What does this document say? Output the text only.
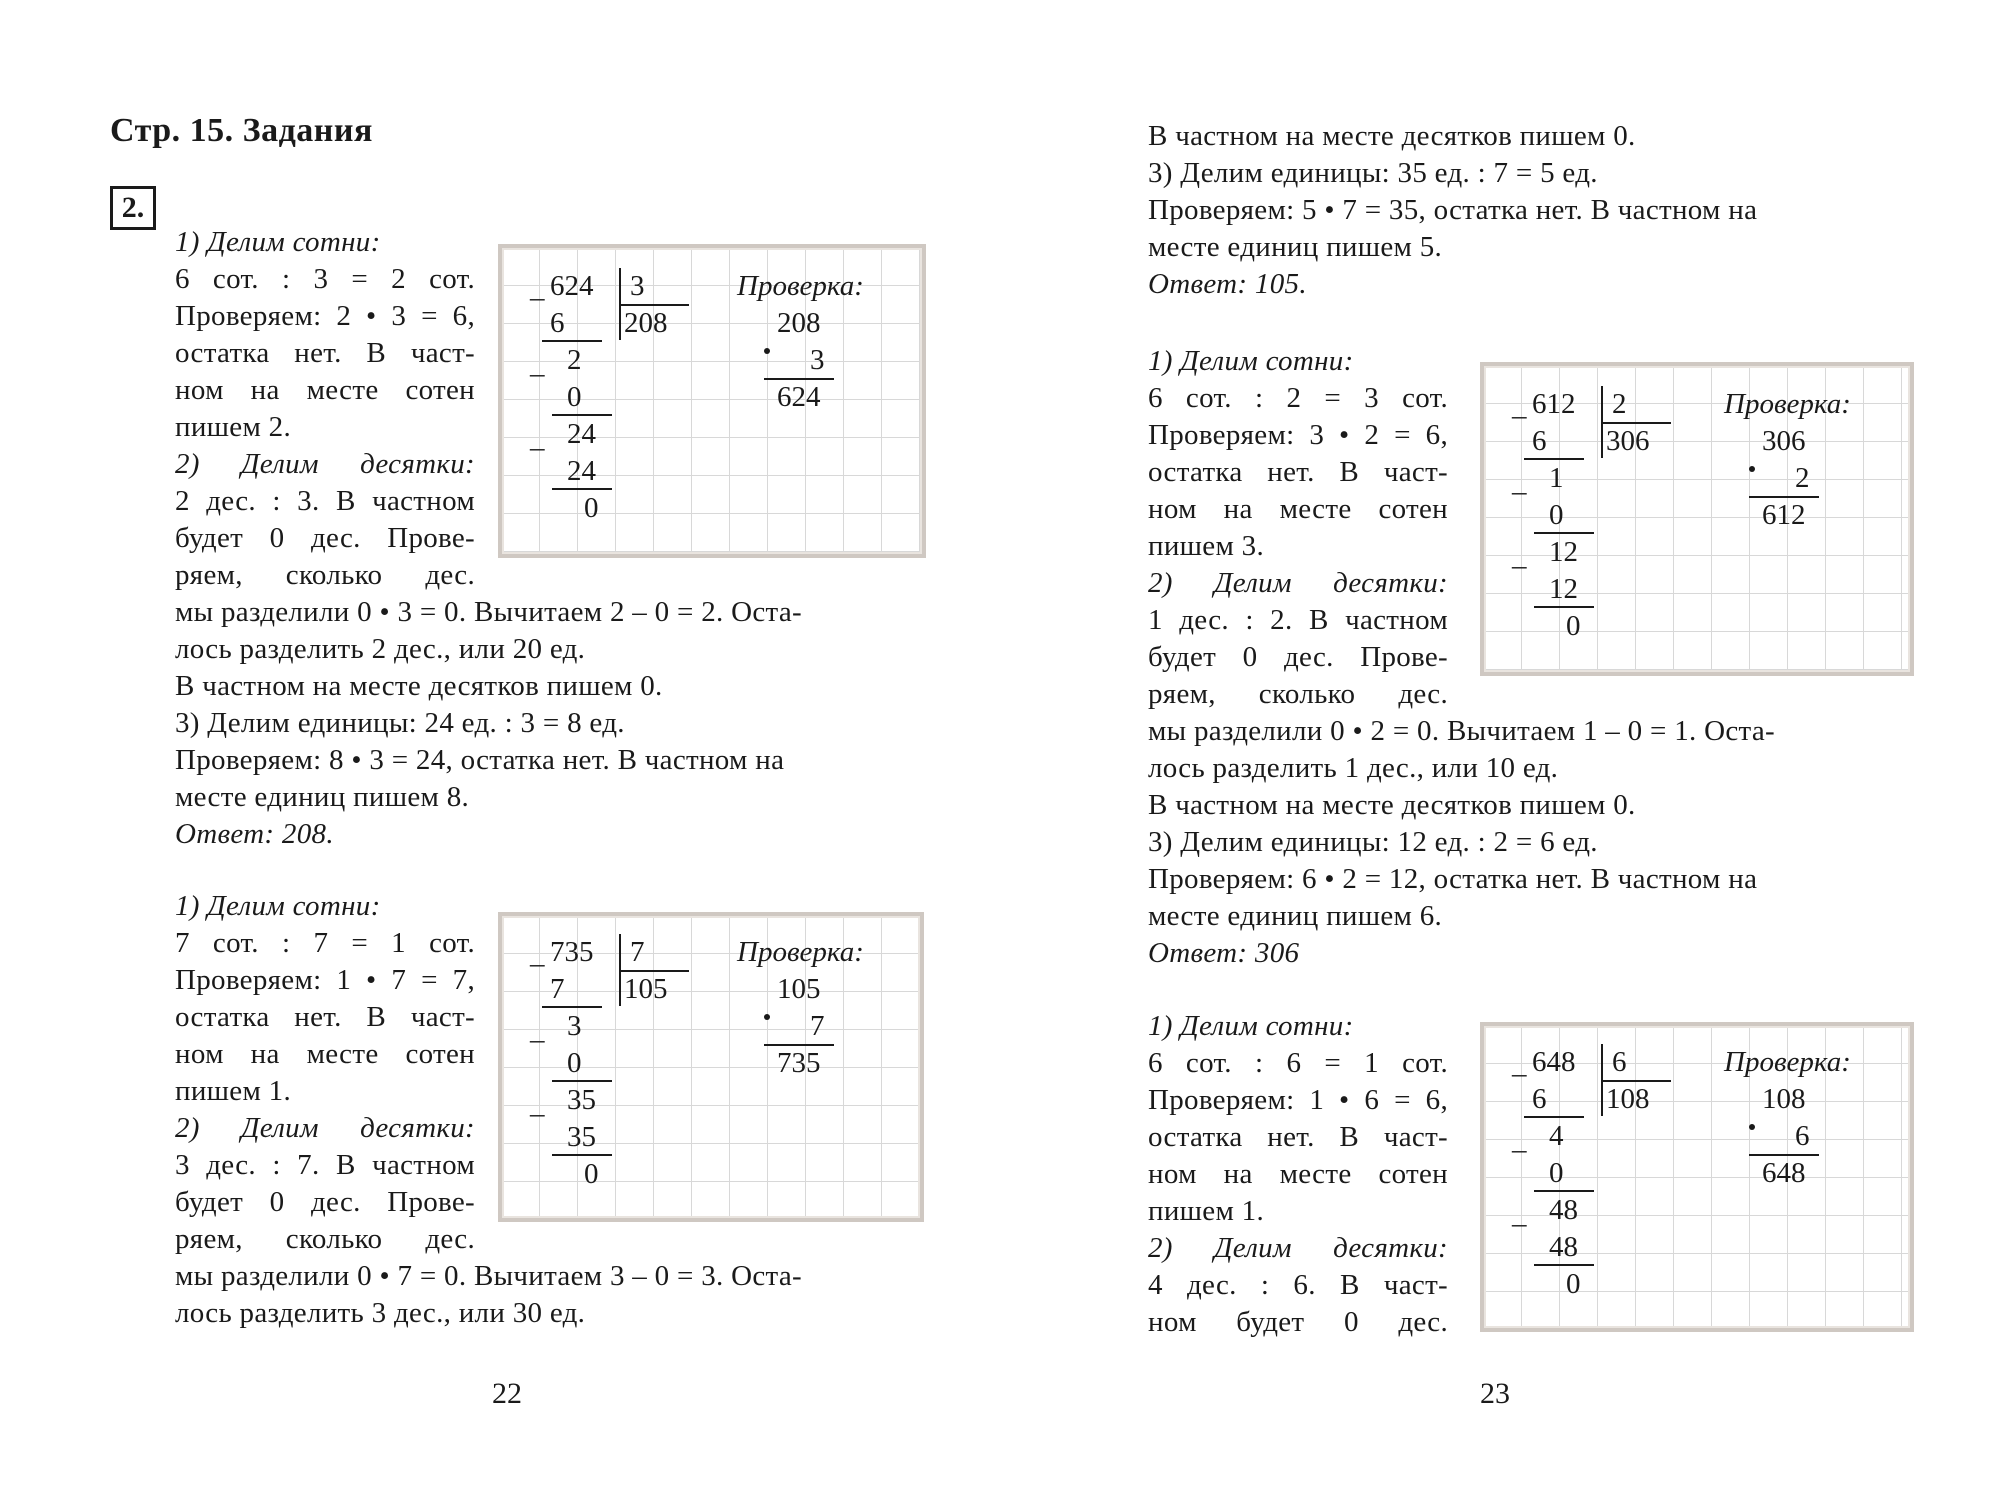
Стр. 15. Задания
2.
1) Делим сотни:
6 сот. : 3 = 2 сот.
Проверяем: 2 • 3 = 6,
остатка нет. В част-
ном на месте сотен
пишем 2.
2) Делим десятки:
2 дес. : 3. В частном
будет 0 дес. Прове-
ряем, сколько дес.
мы разделили 0 • 3 = 0. Вычитаем 2 – 0 = 2. Оста-
лось разделить 2 дес., или 20 ед.
В частном на месте десятков пишем 0.
3) Делим единицы: 24 ед. : 3 = 8 ед.
Проверяем: 8 • 3 = 24, остатка нет. В частном на
месте единиц пишем 8.
Ответ: 208.
624 3
208
_
6
_ 2
0
_ 24
24
0
Проверка:
208
3
624
1) Делим сотни:
7 сот. : 7 = 1 сот.
Проверяем: 1 • 7 = 7,
остатка нет. В част-
ном на месте сотен
пишем 1.
2) Делим десятки:
3 дес. : 7. В частном
будет 0 дес. Прове-
ряем, сколько дес.
мы разделили 0 • 7 = 0. Вычитаем 3 – 0 = 3. Оста-
лось разделить 3 дес., или 30 ед.
735 7
105
_
7
_ 3
0
_ 35
35
0
Проверка:
105
7
735
22
В частном на месте десятков пишем 0.
3) Делим единицы: 35 ед. : 7 = 5 ед.
Проверяем: 5 • 7 = 35, остатка нет. В частном на
месте единиц пишем 5.
Ответ: 105.
1) Делим сотни:
6 сот. : 2 = 3 сот.
Проверяем: 3 • 2 = 6,
остатка нет. В част-
ном на месте сотен
пишем 3.
2) Делим десятки:
1 дес. : 2. В частном
будет 0 дес. Прове-
ряем, сколько дес.
мы разделили 0 • 2 = 0. Вычитаем 1 – 0 = 1. Оста-
лось разделить 1 дес., или 10 ед.
В частном на месте десятков пишем 0.
3) Делим единицы: 12 ед. : 2 = 6 ед.
Проверяем: 6 • 2 = 12, остатка нет. В частном на
месте единиц пишем 6.
Ответ: 306
612 2
306
_
6
_ 1
0
_ 12
12
0
Проверка:
306
2
612
1) Делим сотни:
6 сот. : 6 = 1 сот.
Проверяем: 1 • 6 = 6,
остатка нет. В част-
ном на месте сотен
пишем 1.
2) Делим десятки:
4 дес. : 6. В част-
ном будет 0 дес.
648 6
108
_
6
_ 4
0
_ 48
48
0
Проверка:
108
6
648
23
